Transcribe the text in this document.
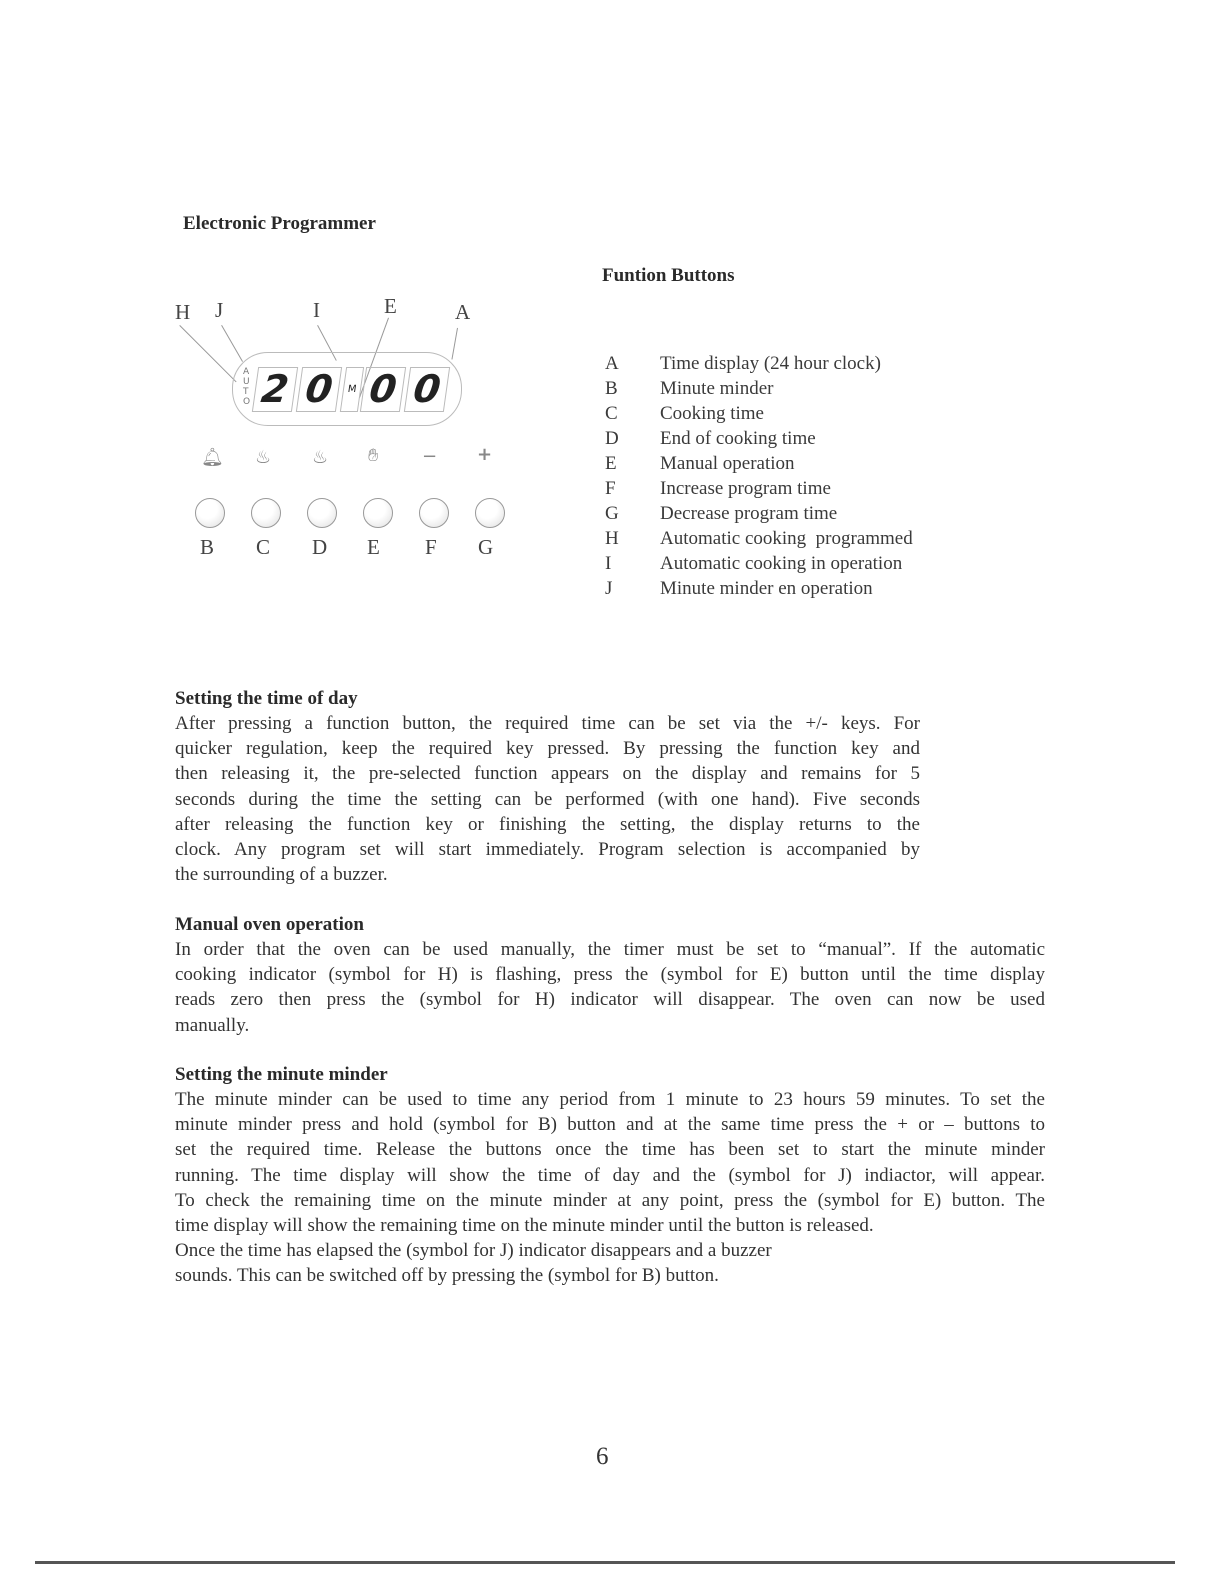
Electronic Programmer
H J	I	E	A
AUTO 2 0	M 0 0
🔔︎ ♨ ♨ ✋︎ − +
B C D E F G
Funtion Buttons
A	Time display (24 hour clock)
B	Minute minder
C	Cooking time
D	End of cooking time
E	Manual operation
F	Increase program time
G	Decrease program time
H	Automatic cooking  programmed
I	Automatic cooking in operation
J	Minute minder en operation
Setting the time of day
After pressing a function button, the required time can be set via the +/- keys. For
quicker regulation, keep the required key pressed. By pressing the function key and
then releasing it, the pre-selected function appears on the display and remains for 5
seconds during the time the setting can be performed (with one hand). Five seconds
after releasing the function key or finishing the setting, the display returns to the
clock. Any program set will start immediately. Program selection is accompanied by
the surrounding of a buzzer.
Manual oven operation
In order that the oven can be used manually, the timer must be set to “manual”. If the automatic
cooking indicator (symbol for H) is flashing, press the (symbol for E) button until the time display
reads zero then press the (symbol for H) indicator will disappear. The oven can now be used
manually.
Setting the minute minder
The minute minder can be used to time any period from 1 minute to 23 hours 59 minutes. To set the
minute minder press and hold (symbol for B) button and at the same time press the + or – buttons to
set the required time. Release the buttons once the time has been set to start the minute minder
running. The time display will show the time of day and the (symbol for J) indiactor, will appear.
To check the remaining time on the minute minder at any point, press the (symbol for E) button. The
time display will show the remaining time on the minute minder until the button is released.
Once the time has elapsed the (symbol for J) indicator disappears and a buzzer
sounds. This can be switched off by pressing the (symbol for B) button.
6
